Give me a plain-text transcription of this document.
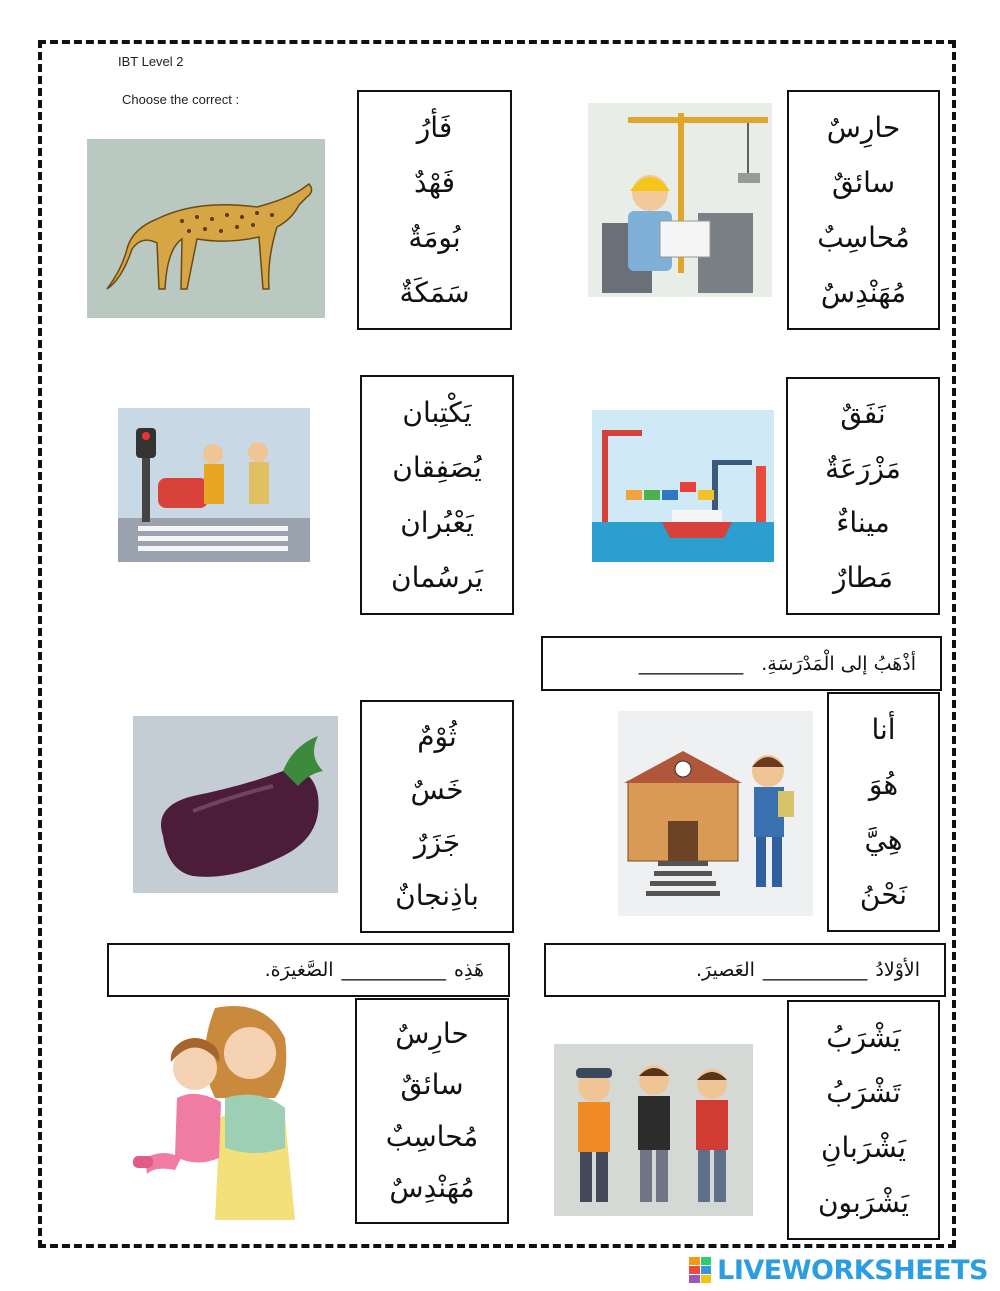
IBT Level 2
Choose the correct :
فَأرُ
فَهْدٌ
بُومَةٌ
سَمَكَةٌ
حارِسٌ
سائقٌ
مُحاسِبٌ
مُهَنْدِسٌ
يَكْتِبان
يُصَفِقان
يَعْبُران
يَرسُمان
نَفَقٌ
مَزْرَعَةٌ
ميناءٌ
مَطارٌ
أذْهَبُ إلى الْمَدْرَسَةِ.
___________
ثُوْمٌ
خَسٌ
جَزَرٌ
باذِنجانٌ
أنا
هُوَ
هِيَّ
نَحْنُ
هَذِه
___________
الصَّغيرَة.	الأوْلادُ
___________
العَصيرَ.
حارِسٌ
سائقٌ
مُحاسِبٌ
مُهَنْدِسٌ
يَشْرَبُ
تَشْرَبُ
يَشْرَبانِ
يَشْرَبون
LIVEWORKSHEETS
